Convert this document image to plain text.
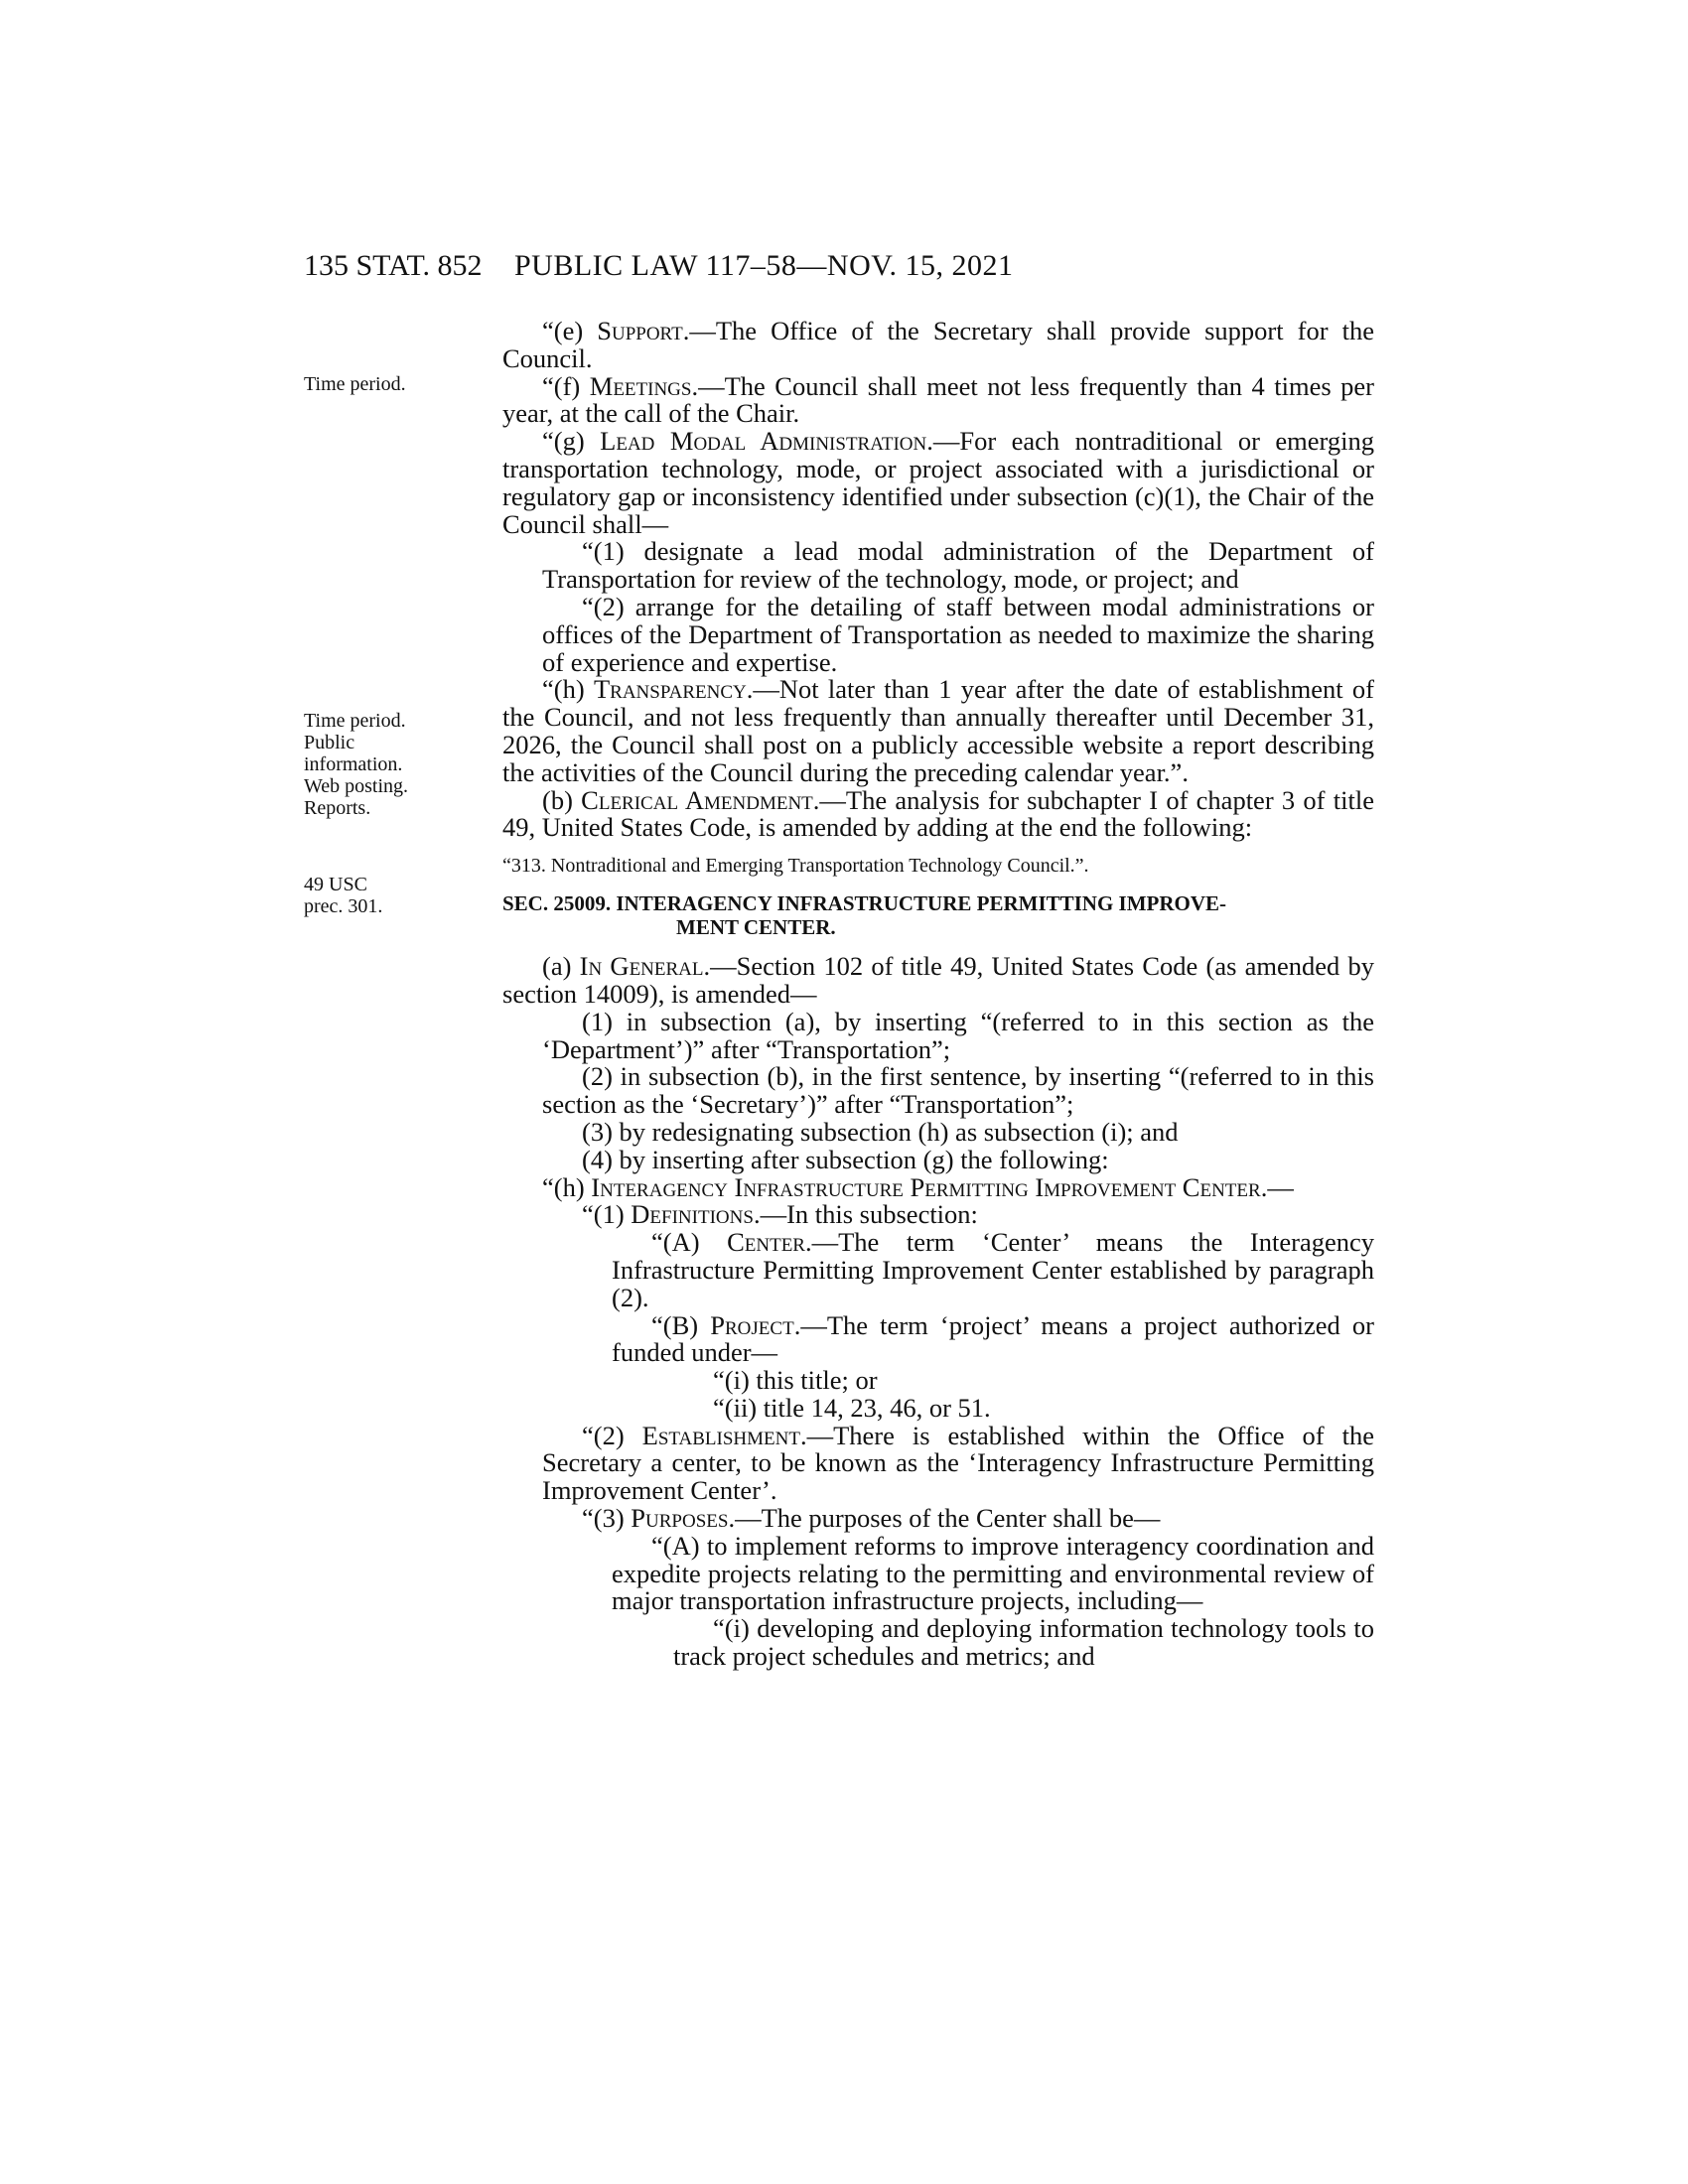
135 STAT. 852 PUBLIC LAW 117–58—NOV. 15, 2021
Time period.
Time period.
Public
information.
Web posting.
Reports.
49 USC
prec. 301.
“(e) Support.—The Office of the Secretary shall provide support for the Council.
“(f) Meetings.—The Council shall meet not less frequently than 4 times per year, at the call of the Chair.
“(g) Lead Modal Administration.—For each nontraditional or emerging transportation technology, mode, or project associated with a jurisdictional or regulatory gap or inconsistency identified under subsection (c)(1), the Chair of the Council shall—
“(1) designate a lead modal administration of the Department of Transportation for review of the technology, mode, or project; and
“(2) arrange for the detailing of staff between modal administrations or offices of the Department of Transportation as needed to maximize the sharing of experience and expertise.
“(h) Transparency.—Not later than 1 year after the date of establishment of the Council, and not less frequently than annually thereafter until December 31, 2026, the Council shall post on a publicly accessible website a report describing the activities of the Council during the preceding calendar year.”.
(b) Clerical Amendment.—The analysis for subchapter I of chapter 3 of title 49, United States Code, is amended by adding at the end the following:
“313. Nontraditional and Emerging Transportation Technology Council.”.
SEC. 25009. INTERAGENCY INFRASTRUCTURE PERMITTING IMPROVE-
MENT CENTER.
(a) In General.—Section 102 of title 49, United States Code (as amended by section 14009), is amended—
(1) in subsection (a), by inserting “(referred to in this section as the ‘Department’)” after “Transportation”;
(2) in subsection (b), in the first sentence, by inserting “(referred to in this section as the ‘Secretary’)” after “Transportation”;
(3) by redesignating subsection (h) as subsection (i); and
(4) by inserting after subsection (g) the following:
“(h) Interagency Infrastructure Permitting Improvement Center.—
“(1) Definitions.—In this subsection:
“(A) Center.—The term ‘Center’ means the Interagency Infrastructure Permitting Improvement Center established by paragraph (2).
“(B) Project.—The term ‘project’ means a project authorized or funded under—
“(i) this title; or
“(ii) title 14, 23, 46, or 51.
“(2) Establishment.—There is established within the Office of the Secretary a center, to be known as the ‘Interagency Infrastructure Permitting Improvement Center’.
“(3) Purposes.—The purposes of the Center shall be—
“(A) to implement reforms to improve interagency coordination and expedite projects relating to the permitting and environmental review of major transportation infrastructure projects, including—
“(i) developing and deploying information technology tools to track project schedules and metrics; and
